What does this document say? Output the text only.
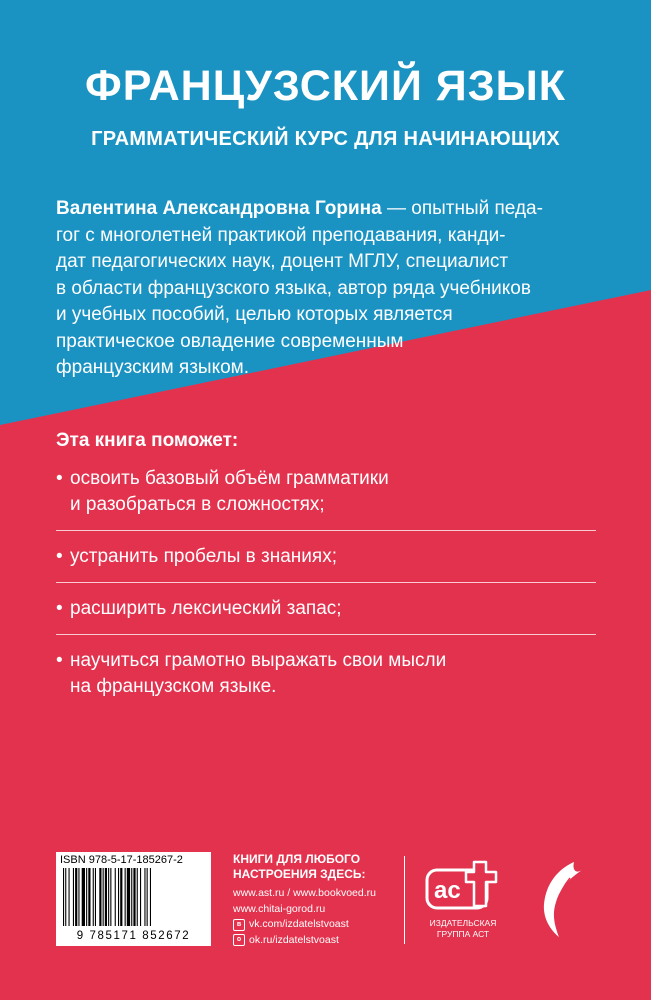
ФРАНЦУЗСКИЙ ЯЗЫК
ГРАММАТИЧЕСКИЙ КУРС ДЛЯ НАЧИНАЮЩИХ
Валентина Александровна Горина — опытный педа-
гог с многолетней практикой преподавания, канди-
дат педагогических наук, доцент МГЛУ, специалист
в области французского языка, автор ряда учебников
и учебных пособий, целью которых является
практическое овладение современным
французским языком.
Эта книга поможет:
• освоить базовый объём грамматики
и разобраться в сложностях;
• устранить пробелы в знаниях;
• расширить лексический запас;
• научиться грамотно выражать свои мысли
на французском языке.
ISBN 978-5-17-185267-2
9 785171 852672
КНИГИ ДЛЯ ЛЮБОГО
НАСТРОЕНИЯ ЗДЕСЬ:
www.ast.ru / www.bookvoed.ru
www.chitai-gorod.ru
в vk.com/izdatelstvoast
о ok.ru/izdatelstvoast
ас
ИЗДАТЕЛЬСКАЯ
ГРУППА АСТ
